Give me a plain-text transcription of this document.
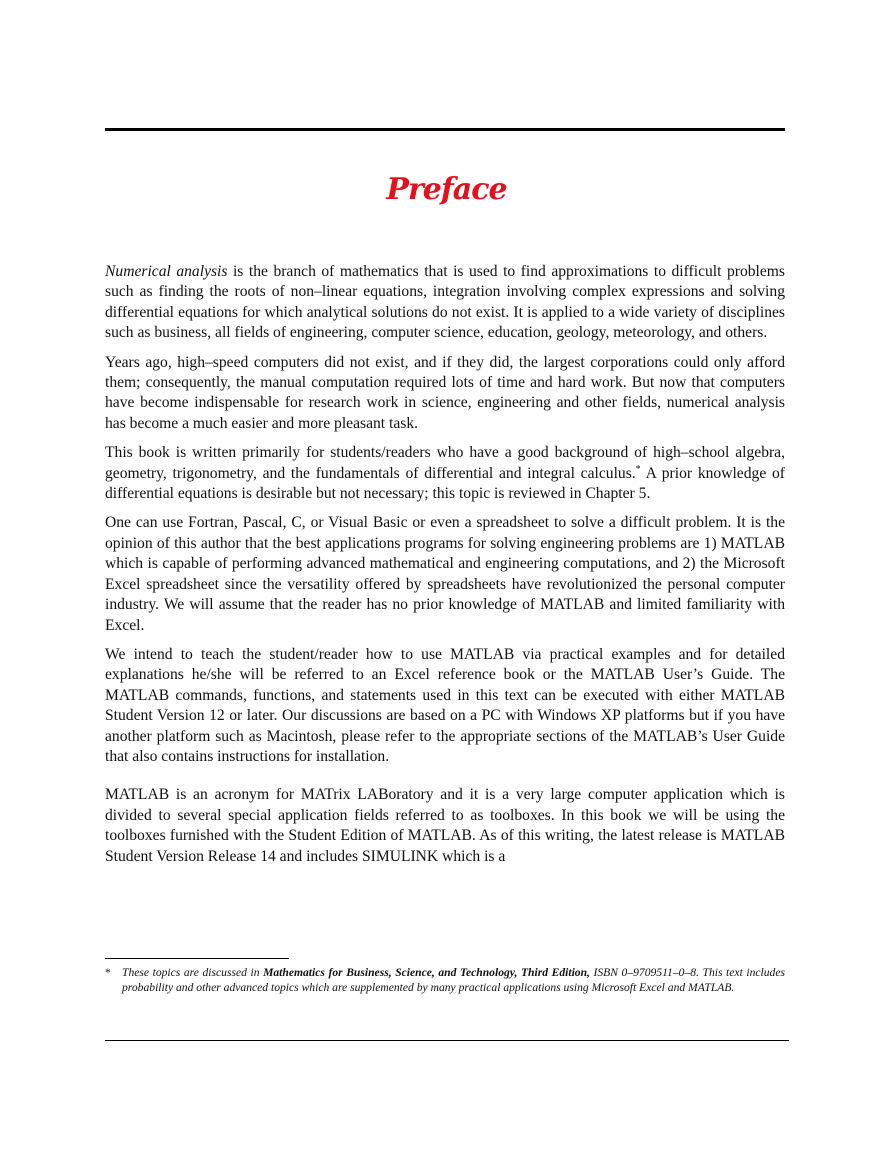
Preface

Numerical analysis is the branch of mathematics that is used to find approximations to difficult problems such as finding the roots of non–linear equations, integration involving complex expressions and solving differential equations for which analytical solutions do not exist. It is applied to a wide variety of disciplines such as business, all fields of engineering, computer science, education, geology, meteorology, and others.

Years ago, high–speed computers did not exist, and if they did, the largest corporations could only afford them; consequently, the manual computation required lots of time and hard work. But now that computers have become indispensable for research work in science, engineering and other fields, numerical analysis has become a much easier and more pleasant task.

This book is written primarily for students/readers who have a good background of high–school algebra, geometry, trigonometry, and the fundamentals of differential and integral calculus.* A prior knowledge of differential equations is desirable but not necessary; this topic is reviewed in Chapter 5.

One can use Fortran, Pascal, C, or Visual Basic or even a spreadsheet to solve a difficult problem. It is the opinion of this author that the best applications programs for solving engineering problems are 1) MATLAB which is capable of performing advanced mathematical and engineering computations, and 2) the Microsoft Excel spreadsheet since the versatility offered by spreadsheets have revolutionized the personal computer industry. We will assume that the reader has no prior knowledge of MATLAB and limited familiarity with Excel.

We intend to teach the student/reader how to use MATLAB via practical examples and for detailed explanations he/she will be referred to an Excel reference book or the MATLAB User’s Guide. The MATLAB commands, functions, and statements used in this text can be executed with either MATLAB Student Version 12 or later. Our discussions are based on a PC with Windows XP platforms but if you have another platform such as Macintosh, please refer to the appropriate sections of the MATLAB’s User Guide that also contains instructions for installation.

MATLAB is an acronym for MATrix LABoratory and it is a very large computer application which is divided to several special application fields referred to as toolboxes. In this book we will be using the toolboxes furnished with the Student Edition of MATLAB. As of this writing, the latest release is MATLAB Student Version Release 14 and includes SIMULINK which is a

* These topics are discussed in Mathematics for Business, Science, and Technology, Third Edition, ISBN 0–9709511–0–8. This text includes probability and other advanced topics which are supplemented by many practical applications using Microsoft Excel and MATLAB.
